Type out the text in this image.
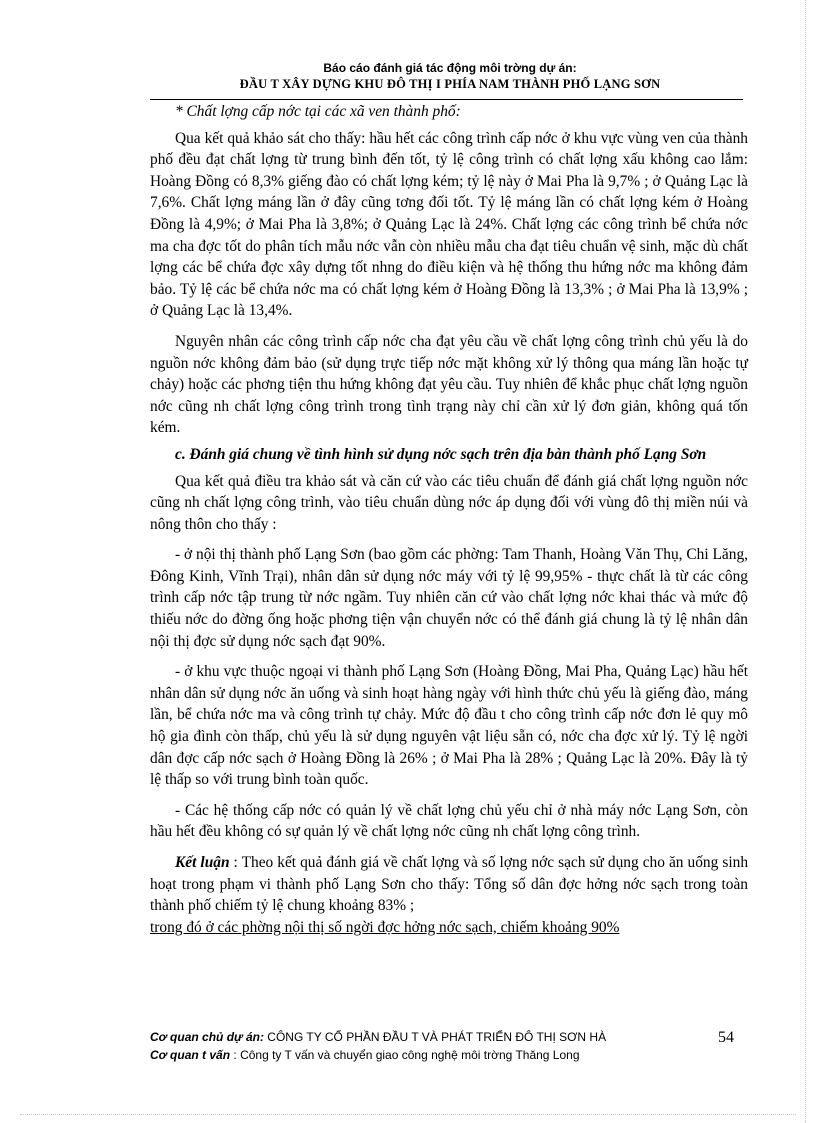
Báo cáo đánh giá tác động môi trờng dự án:
ĐẦU T XÂY DỰNG KHU ĐÔ THỊ I PHÍA NAM THÀNH PHỐ LẠNG SƠN

* Chất lợng cấp nớc tại các xã ven thành phố:

Qua kết quả khảo sát cho thấy: hầu hết các công trình cấp nớc ở khu vực vùng ven của thành phố đều đạt chất lợng từ trung bình đến tốt, tỷ lệ công trình có chất lợng xấu không cao lắm: Hoàng Đồng có 8,3% giếng đào có chất lợng kém; tỷ lệ này ở Mai Pha là 9,7% ; ở Quảng Lạc là 7,6%. Chất lợng máng lần ở đây cũng tơng đối tốt. Tỷ lệ máng lần có chất lợng kém ở Hoàng Đồng là 4,9%; ở Mai Pha là 3,8%; ở Quảng Lạc là 24%. Chất lợng các công trình bể chứa nớc ma cha đợc tốt do phân tích mẫu nớc vẫn còn nhiều mẫu cha đạt tiêu chuẩn vệ sinh, mặc dù chất lợng các bể chứa đợc xây dựng tốt nhng do điều kiện và hệ thống thu hứng nớc ma không đảm bảo. Tỷ lệ các bể chứa nớc ma có chất lợng kém ở Hoàng Đồng là 13,3% ; ở Mai Pha là 13,9% ; ở Quảng Lạc là 13,4%.

Nguyên nhân các công trình cấp nớc cha đạt yêu cầu về chất lợng công trình chủ yếu là do nguồn nớc không đảm bảo (sử dụng trực tiếp nớc mặt không xử lý thông qua máng lần hoặc tự chảy) hoặc các phơng tiện thu hứng không đạt yêu cầu. Tuy nhiên để khắc phục chất lợng nguồn nớc cũng nh chất lợng công trình trong tình trạng này chỉ cần xử lý đơn giản, không quá tốn kém.

c. Đánh giá chung về tình hình sử dụng nớc sạch trên địa bàn thành phố Lạng Sơn

Qua kết quả điều tra khảo sát và căn cứ vào các tiêu chuẩn để đánh giá chất lợng nguồn nớc cũng nh chất lợng công trình, vào tiêu chuẩn dùng nớc áp dụng đối với vùng đô thị miền núi và nông thôn cho thấy :

- ở nội thị thành phố Lạng Sơn (bao gồm các phờng: Tam Thanh, Hoàng Văn Thụ, Chi Lăng, Đông Kinh, Vĩnh Trại), nhân dân sử dụng nớc máy với tỷ lệ 99,95% - thực chất là từ các công trình cấp nớc tập trung từ nớc ngầm. Tuy nhiên căn cứ vào chất lợng nớc khai thác và mức độ thiếu nớc do đờng ống hoặc phơng tiện vận chuyển nớc có thể đánh giá chung là tỷ lệ nhân dân nội thị đợc sử dụng nớc sạch đạt 90%.

- ở khu vực thuộc ngoại vi thành phố Lạng Sơn (Hoàng Đồng, Mai Pha, Quảng Lạc) hầu hết nhân dân sử dụng nớc ăn uống và sinh hoạt hàng ngày với hình thức chủ yếu là giếng đào, máng lần, bể chứa nớc ma và công trình tự chảy. Mức độ đầu t cho công trình cấp nớc đơn lẻ quy mô hộ gia đình còn thấp, chủ yếu là sử dụng nguyên vật liệu sẵn có, nớc cha đợc xử lý. Tỷ lệ ngời dân đợc cấp nớc sạch ở Hoàng Đồng là 26% ; ở Mai Pha là 28% ; Quảng Lạc là 20%. Đây là tỷ lệ thấp so với trung bình toàn quốc.

- Các hệ thống cấp nớc có quản lý về chất lợng chủ yếu chỉ ở nhà máy nớc Lạng Sơn, còn hầu hết đều không có sự quản lý về chất lợng nớc cũng nh chất lợng công trình.

Kết luận : Theo kết quả đánh giá về chất lợng và số lợng nớc sạch sử dụng cho ăn uống sinh hoạt trong phạm vi thành phố Lạng Sơn cho thấy: Tổng số dân đợc hởng nớc sạch trong toàn thành phố chiếm tỷ lệ chung khoảng 83% ;

trong đó ở các phờng nội thị số ngời đợc hởng nớc sạch, chiếm khoảng 90%

Cơ quan chủ dự án: CÔNG TY CỔ PHẦN ĐẦU T VÀ PHÁT TRIỂN ĐÔ THỊ SƠN HÀ
Cơ quan t vấn : Công ty T vấn và chuyển giao công nghệ môi trờng Thăng Long
54
